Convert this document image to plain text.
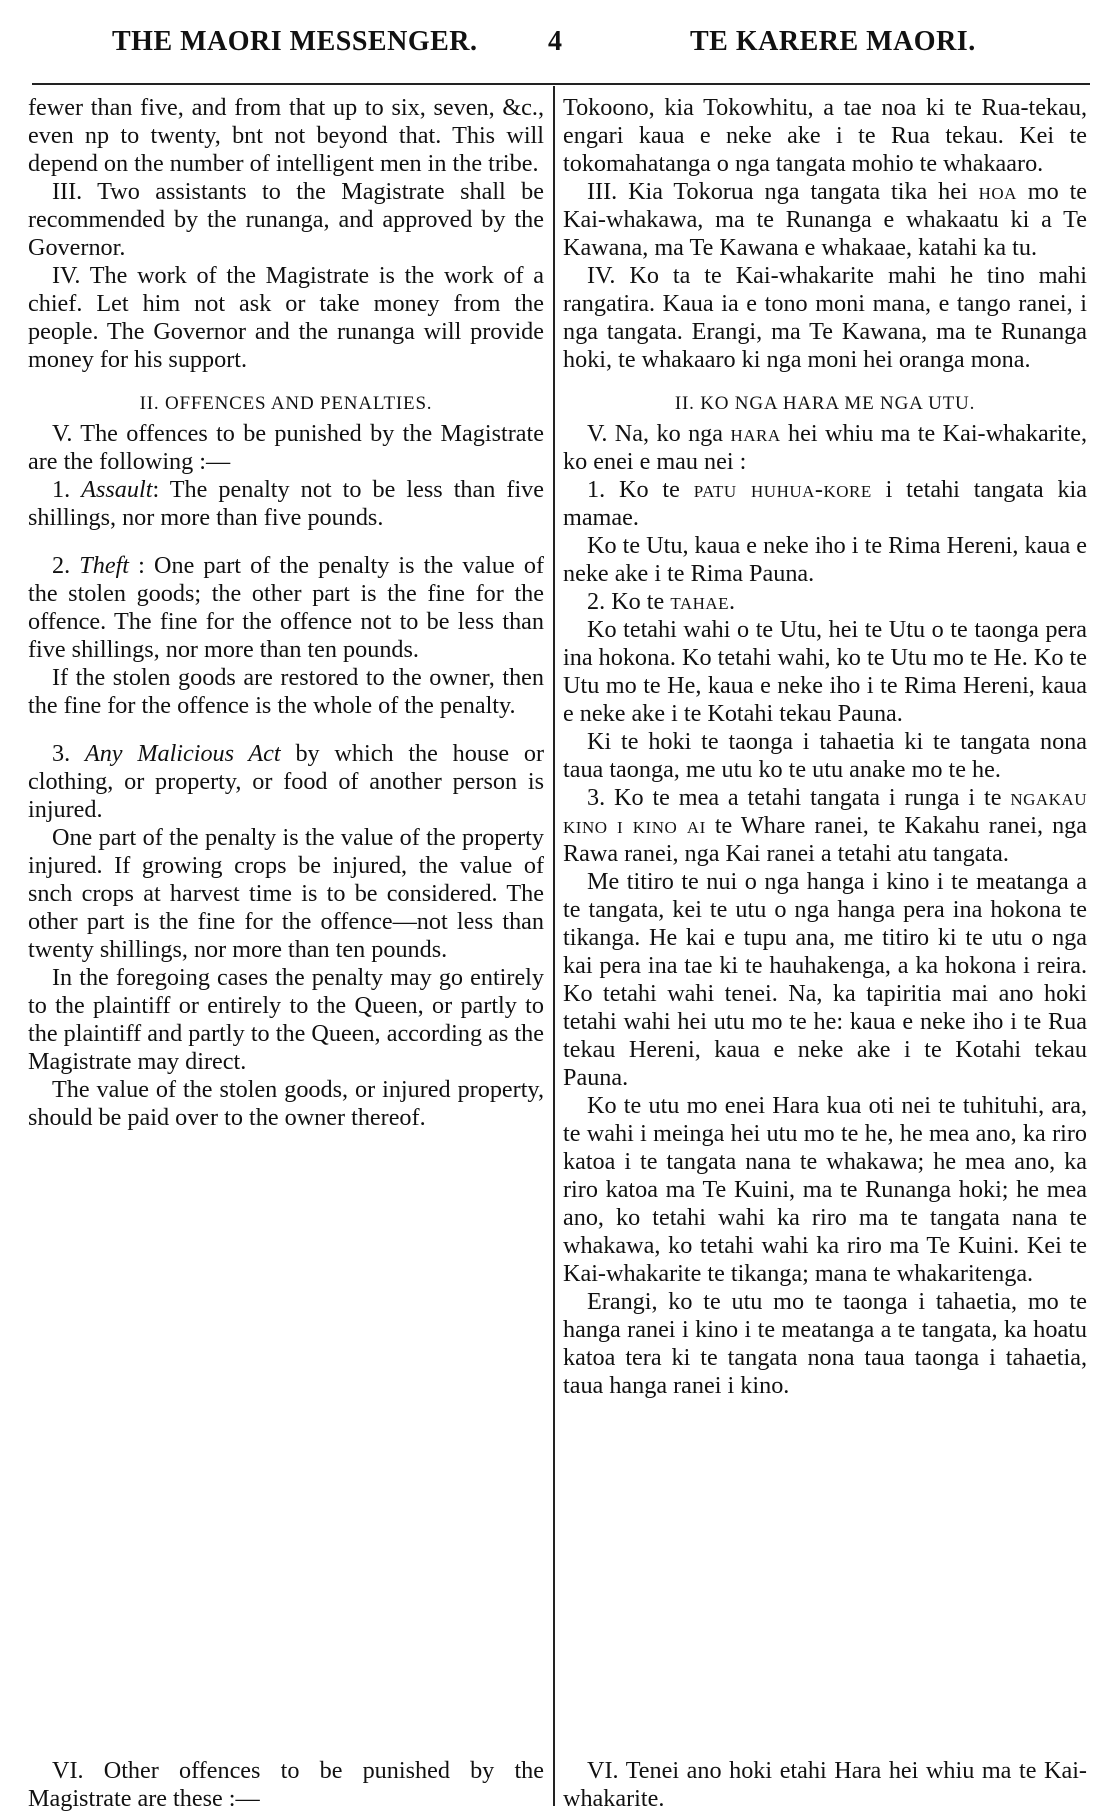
THE MAORI MESSENGER.	4	TE KARERE MAORI.

fewer than five, and from that up to six, seven, &c., even np to twenty, bnt not beyond that. This will depend on the number of intelligent men in the tribe.

III. Two assistants to the Magistrate shall be recommended by the runanga, and approved by the Governor.

IV. The work of the Magistrate is the work of a chief. Let him not ask or take money from the people. The Governor and the runanga will provide money for his support.

II. OFFENCES AND PENALTIES.

V. The offences to be punished by the Magistrate are the following :—

1. Assault: The penalty not to be less than five shillings, nor more than five pounds.

2. Theft : One part of the penalty is the value of the stolen goods; the other part is the fine for the offence. The fine for the offence not to be less than five shillings, nor more than ten pounds.

If the stolen goods are restored to the owner, then the fine for the offence is the whole of the penalty.

3. Any Malicious Act by which the house or clothing, or property, or food of another person is injured.

One part of the penalty is the value of the property injured. If growing crops be injured, the value of snch crops at harvest time is to be considered. The other part is the fine for the offence—not less than twenty shillings, nor more than ten pounds.

In the foregoing cases the penalty may go entirely to the plaintiff or entirely to the Queen, or partly to the plaintiff and partly to the Queen, according as the Magistrate may direct.

The value of the stolen goods, or injured property, should be paid over to the owner thereof.

VI. Other offences to be punished by the Magistrate are these :—

Tokoono, kia Tokowhitu, a tae noa ki te Rua-tekau, engari kaua e neke ake i te Rua tekau. Kei te tokomahatanga o nga tangata mohio te whakaaro.

III. Kia Tokorua nga tangata tika hei hoa mo te Kai-whakawa, ma te Runanga e whakaatu ki a Te Kawana, ma Te Kawana e whakaae, katahi ka tu.

IV. Ko ta te Kai-whakarite mahi he tino mahi rangatira. Kaua ia e tono moni mana, e tango ranei, i nga tangata. Erangi, ma Te Kawana, ma te Runanga hoki, te whakaaro ki nga moni hei oranga mona.

II. KO NGA HARA ME NGA UTU.

V. Na, ko nga hara hei whiu ma te Kai-whakarite, ko enei e mau nei :

1. Ko te patu huhua-kore i tetahi tangata kia mamae.

Ko te Utu, kaua e neke iho i te Rima Hereni, kaua e neke ake i te Rima Pauna.

2. Ko te tahae.

Ko tetahi wahi o te Utu, hei te Utu o te taonga pera ina hokona. Ko tetahi wahi, ko te Utu mo te He. Ko te Utu mo te He, kaua e neke iho i te Rima Hereni, kaua e neke ake i te Kotahi tekau Pauna.

Ki te hoki te taonga i tahaetia ki te tangata nona taua taonga, me utu ko te utu anake mo te he.

3. Ko te mea a tetahi tangata i runga i te ngakau kino i kino ai te Whare ranei, te Kakahu ranei, nga Rawa ranei, nga Kai ranei a tetahi atu tangata.

Me titiro te nui o nga hanga i kino i te meatanga a te tangata, kei te utu o nga hanga pera ina hokona te tikanga. He kai e tupu ana, me titiro ki te utu o nga kai pera ina tae ki te hauhakenga, a ka hokona i reira. Ko tetahi wahi tenei. Na, ka tapiritia mai ano hoki tetahi wahi hei utu mo te he: kaua e neke iho i te Rua tekau Hereni, kaua e neke ake i te Kotahi tekau Pauna.

Ko te utu mo enei Hara kua oti nei te tuhituhi, ara, te wahi i meinga hei utu mo te he, he mea ano, ka riro katoa i te tangata nana te whakawa; he mea ano, ka riro katoa ma Te Kuini, ma te Runanga hoki; he mea ano, ko tetahi wahi ka riro ma te tangata nana te whakawa, ko tetahi wahi ka riro ma Te Kuini. Kei te Kai-whakarite te tikanga; mana te whakaritenga.

Erangi, ko te utu mo te taonga i tahaetia, mo te hanga ranei i kino i te meatanga a te tangata, ka hoatu katoa tera ki te tangata nona taua taonga i tahaetia, taua hanga ranei i kino.

VI. Tenei ano hoki etahi Hara hei whiu ma te Kai-whakarite.
